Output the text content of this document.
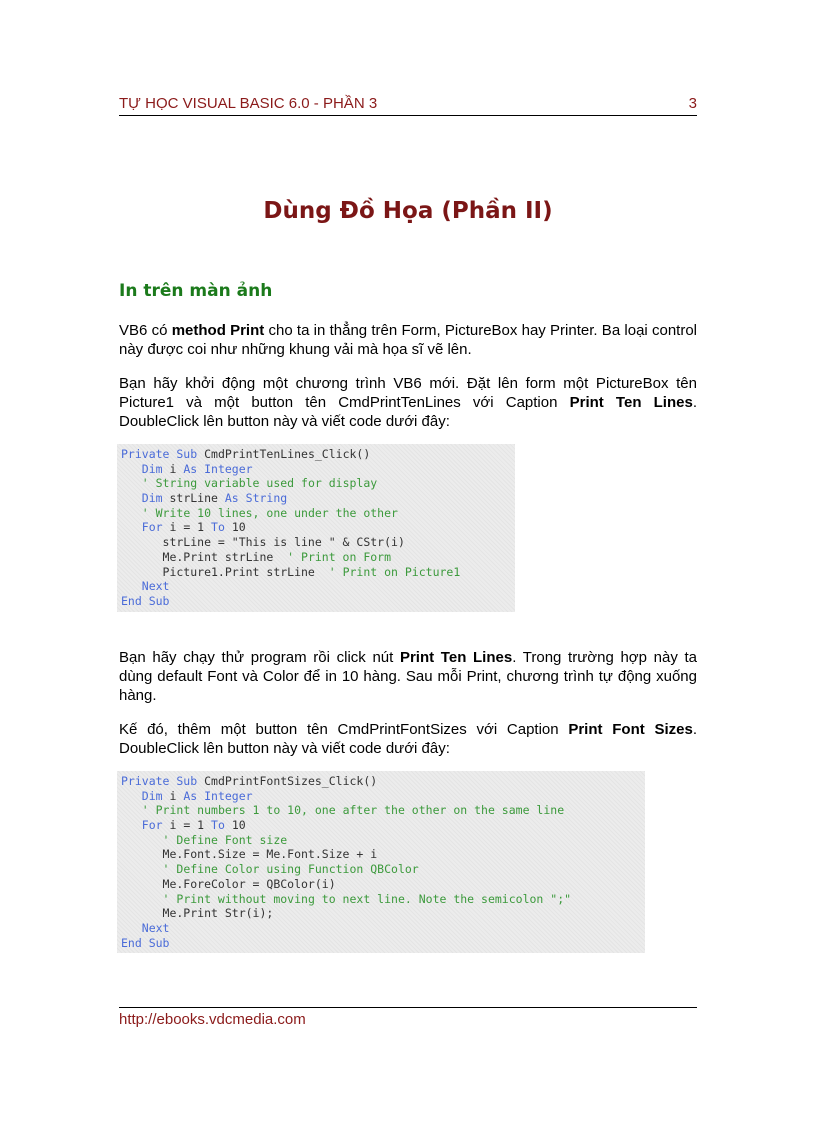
TỰ HỌC VISUAL BASIC 6.0 - PHẦN 3	3
Dùng Đồ Họa (Phần II)
In trên màn ảnh
VB6 có method Print cho ta in thẳng trên Form, PictureBox hay Printer. Ba loại control này được coi như những khung vải mà họa sĩ vẽ lên.
Bạn hãy khởi động một chương trình VB6 mới. Đặt lên form một PictureBox tên Picture1 và một button tên CmdPrintTenLines với Caption Print Ten Lines. DoubleClick lên button này và viết code dưới đây:
Private Sub CmdPrintTenLines_Click()
Dim i As Integer
' String variable used for display
Dim strLine As String
' Write 10 lines, one under the other
For i = 1 To 10
strLine = "This is line " & CStr(i)
Me.Print strLine  ' Print on Form
Picture1.Print strLine  ' Print on Picture1
Next
End Sub
Bạn hãy chạy thử program rồi click nút Print Ten Lines. Trong trường hợp này ta dùng default Font và Color để in 10 hàng. Sau mỗi Print, chương trình tự động xuống hàng.
Kế đó, thêm một button tên CmdPrintFontSizes với Caption Print Font Sizes. DoubleClick lên button này và viết code dưới đây:
Private Sub CmdPrintFontSizes_Click()
Dim i As Integer
' Print numbers 1 to 10, one after the other on the same line
For i = 1 To 10
' Define Font size
Me.Font.Size = Me.Font.Size + i
' Define Color using Function QBColor
Me.ForeColor = QBColor(i)
' Print without moving to next line. Note the semicolon ";"
Me.Print Str(i);
Next
End Sub
http://ebooks.vdcmedia.com
